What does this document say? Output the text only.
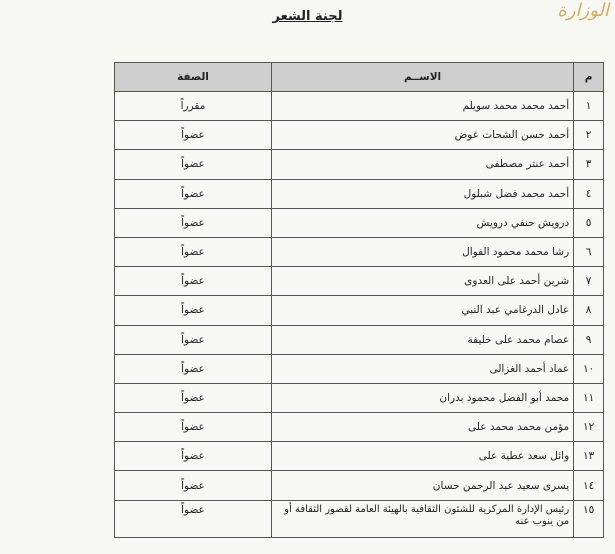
الوزارة
لجنة الشعر
م	الاســم	الصفة
١	أحمد محمد محمد سويلم	مقرراً
٢	أحمد حسن الشحات عوض	عضواً
٣	أحمد عنتر مصطفى	عضواً
٤	أحمد محمد فضل شبلول	عضواً
٥	درويش حنفي درويش	عضواً
٦	رشا محمد محمود الفوال	عضواً
٧	شرين أحمد على العدوى	عضواً
٨	عادل الدرغامي عبد النبي	عضواً
٩	عصام محمد على خليفة	عضواً
١٠	عماد أحمد الغزالى	عضواً
١١	محمد أبو الفضل محمود بدران	عضواً
١٢	مؤمن محمد محمد على	عضواً
١٣	وائل سعد عطية على	عضواً
١٤	يسرى سعيد عبد الرحمن حسان	عضواً
١٥	رئيس الإدارة المركزية للشئون الثقافية بالهيئة العامة لقصور الثقافة أو من ينوب عنه	عضواً
